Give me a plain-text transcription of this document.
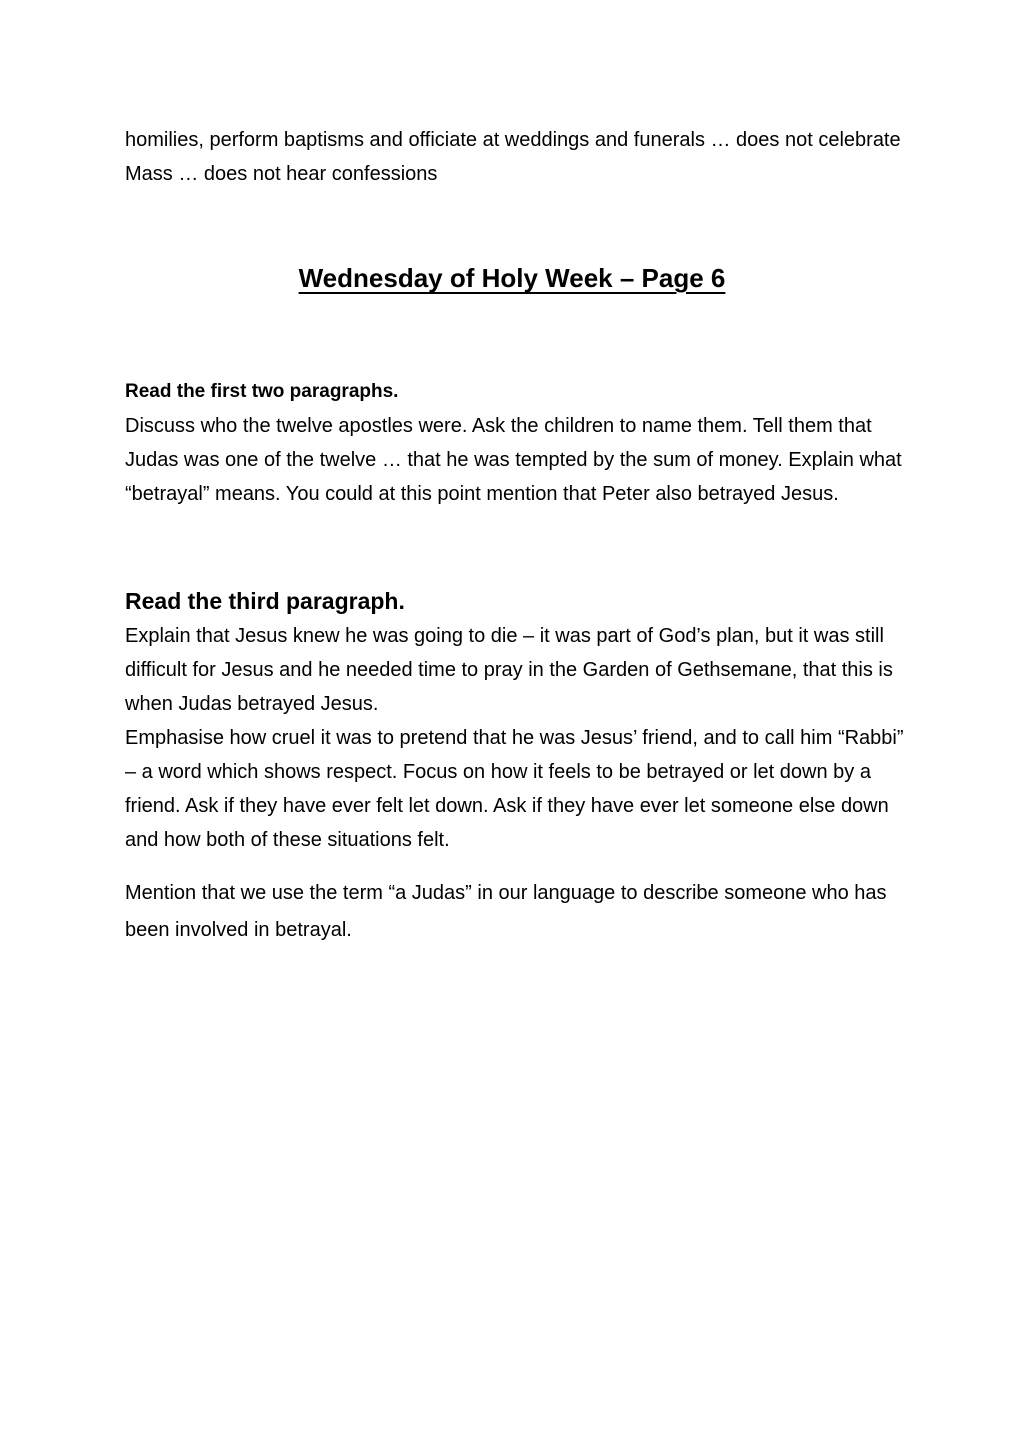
homilies, perform baptisms and officiate at weddings and funerals … does not celebrate Mass … does not hear confessions

Wednesday of Holy Week – Page 6
Read the first two paragraphs.

Discuss who the twelve apostles were. Ask the children to name them. Tell them that Judas was one of the twelve … that he was tempted by the sum of money. Explain what “betrayal” means. You could at this point mention that Peter also betrayed Jesus.

Read the third paragraph.

Explain that Jesus knew he was going to die – it was part of God’s plan, but it was still difficult for Jesus and he needed time to pray in the Garden of Gethsemane, that this is when Judas betrayed Jesus.

Emphasise how cruel it was to pretend that he was Jesus’ friend, and to call him “Rabbi” – a word which shows respect. Focus on how it feels to be betrayed or let down by a friend. Ask if they have ever felt let down. Ask if they have ever let someone else down and how both of these situations felt.

Mention that we use the term “a Judas” in our language to describe someone who has been involved in betrayal.
